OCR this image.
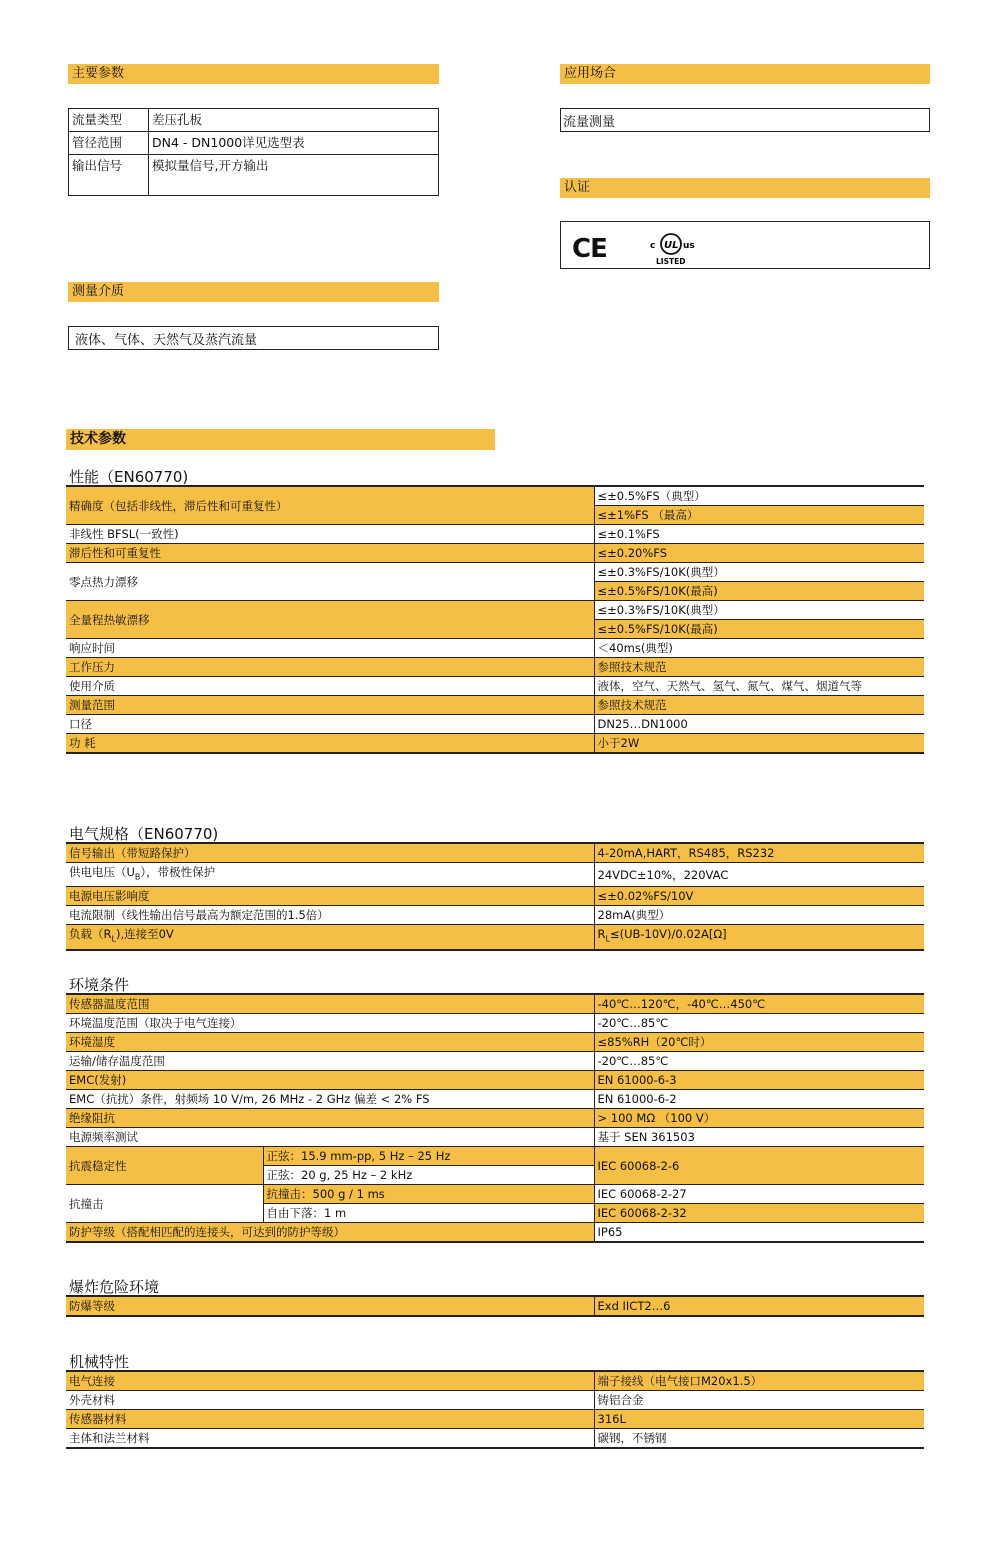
主要参数
流量类型	差压孔板
管径范围	DN4 - DN1000详见选型表
输出信号	模拟量信号,开方输出
应用场合
流量测量
认证
CE	c UL us
LISTED
测量介质
液体、气体、天然气及蒸汽流量
技术参数
性能（EN60770)
精确度（包括非线性，滞后性和可重复性）	≤±0.5%FS（典型）
	≤±1%FS （最高）
非线性 BFSL(一致性)	≤±0.1%FS
滞后性和可重复性	≤±0.20%FS
零点热力漂移	≤±0.3%FS/10K(典型）
	≤±0.5%FS/10K(最高)
全量程热敏漂移	≤±0.3%FS/10K(典型）
	≤±0.5%FS/10K(最高)
响应时间	＜40ms(典型)
工作压力	参照技术规范
使用介质	液体，空气、天然气、氢气、氮气、煤气、烟道气等
测量范围	参照技术规范
口径	DN25…DN1000
功 耗	小于2W
电气规格（EN60770)
信号输出（带短路保护）	4-20mA,HART，RS485，RS232
供电电压$(U_B)$，带极性保护	24VDC±10%，220VAC
电源电压影响度	≤±0.02%FS/10V
电流限制（线性输出信号最高为额定范围的1.5倍）	28mA(典型）
负载$(R_L)$,连接至0V	$R_L\le(UB-10V)/0.02A[\Omega]$
环境条件
传感器温度范围		-40℃…120℃，-40℃…450℃
环境温度范围（取决于电气连接）		-20℃…85℃
环境湿度		≤85%RH（20℃时）
运输/储存温度范围		-20℃…85℃
EMC(发射)		EN 61000-6-3
EMC（抗扰）条件，射频场 10 V/m, 26 MHz - 2 GHz 偏差 < 2% FS		EN 61000-6-2
绝缘阻抗		> 100 MΩ （100 V）
电源频率测试		基于 SEN 361503
抗震稳定性	正弦：15.9 mm-pp, 5 Hz – 25 Hz	IEC 60068-2-6
	正弦：20 g, 25 Hz – 2 kHz	
抗撞击	抗撞击：500 g / 1 ms	IEC 60068-2-27
	自由下落：1 m	IEC 60068-2-32
防护等级（搭配相匹配的连接头，可达到的防护等级）		IP65
爆炸危险环境
防爆等级	Exd IICT2…6
机械特性
电气连接	端子接线（电气接口M20x1.5）
外壳材料	铸铝合金
传感器材料	316L
主体和法兰材料	碳钢，不锈钢
